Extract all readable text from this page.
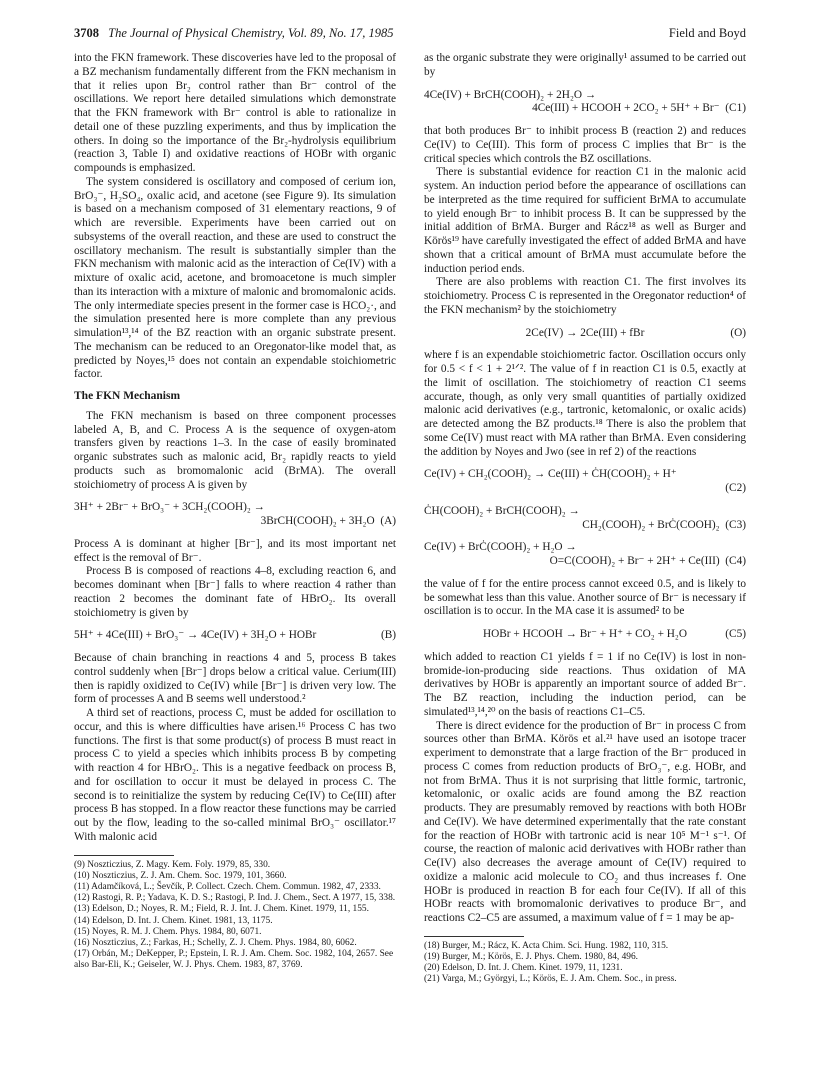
3708 The Journal of Physical Chemistry, Vol. 89, No. 17, 1985	Field and Boyd

into the FKN framework. These discoveries have led to the proposal of a BZ mechanism fundamentally different from the FKN mechanism in that it relies upon Br₂ control rather than Br⁻ control of the oscillations. We report here detailed simulations which demonstrate that the FKN framework with Br⁻ control is able to rationalize in detail one of these puzzling experiments, and thus by implication the others. In doing so the importance of the Br₂-hydrolysis equilibrium (reaction 3, Table I) and oxidative reactions of HOBr with organic compounds is emphasized.

The system considered is oscillatory and composed of cerium ion, BrO₃⁻, H₂SO₄, oxalic acid, and acetone (see Figure 9). Its simulation is based on a mechanism composed of 31 elementary reactions, 9 of which are reversible. Experiments have been carried out on subsystems of the overall reaction, and these are used to construct the oscillatory mechanism. The result is substantially simpler than the FKN mechanism with malonic acid as the interaction of Ce(IV) with a mixture of oxalic acid, acetone, and bromoacetone is much simpler than its interaction with a mixture of malonic and bromomalonic acids. The only intermediate species present in the former case is HCO₂·, and the simulation presented here is more complete than any previous simulation¹³,¹⁴ of the BZ reaction with an organic substrate present. The mechanism can be reduced to an Oregonator-like model that, as predicted by Noyes,¹⁵ does not contain an expendable stoichiometric factor.

The FKN Mechanism

The FKN mechanism is based on three component processes labeled A, B, and C. Process A is the sequence of oxygen-atom transfers given by reactions 1–3. In the case of easily brominated organic substrates such as malonic acid, Br₂ rapidly reacts to yield products such as bromomalonic acid (BrMA). The overall stoichiometry of process A is given by

3H⁺ + 2Br⁻ + BrO₃⁻ + 3CH₂(COOH)₂ →
3BrCH(COOH)₂ + 3H₂O (A)

Process A is dominant at higher [Br⁻], and its most important net effect is the removal of Br⁻.

Process B is composed of reactions 4–8, excluding reaction 6, and becomes dominant when [Br⁻] falls to where reaction 4 rather than reaction 2 becomes the dominant fate of HBrO₂. Its overall stoichiometry is given by

5H⁺ + 4Ce(III) + BrO₃⁻ → 4Ce(IV) + 3H₂O + HOBr	(B)

Because of chain branching in reactions 4 and 5, process B takes control suddenly when [Br⁻] drops below a critical value. Cerium(III) then is rapidly oxidized to Ce(IV) while [Br⁻] is driven very low. The form of processes A and B seems well understood.²

A third set of reactions, process C, must be added for oscillation to occur, and this is where difficulties have arisen.¹⁶ Process C has two functions. The first is that some product(s) of process B must react in process C to yield a species which inhibits process B by competing with reaction 4 for HBrO₂. This is a negative feedback on process B, and for oscillation to occur it must be delayed in process C. The second is to reinitialize the system by reducing Ce(IV) to Ce(III) after process B has stopped. In a flow reactor these functions may be carried out by the flow, leading to the so-called minimal BrO₃⁻ oscillator.¹⁷ With malonic acid

(9) Noszticzius, Z. Magy. Kem. Foly. 1979, 85, 330.
(10) Noszticzius, Z. J. Am. Chem. Soc. 1979, 101, 3660.
(11) Adamčíková, L.; Ševčík, P. Collect. Czech. Chem. Commun. 1982, 47, 2333.
(12) Rastogi, R. P.; Yadava, K. D. S.; Rastogi, P. Ind. J. Chem., Sect. A 1977, 15, 338.
(13) Edelson, D.; Noyes, R. M.; Field, R. J. Int. J. Chem. Kinet. 1979, 11, 155.
(14) Edelson, D. Int. J. Chem. Kinet. 1981, 13, 1175.
(15) Noyes, R. M. J. Chem. Phys. 1984, 80, 6071.
(16) Noszticzius, Z.; Farkas, H.; Schelly, Z. J. Chem. Phys. 1984, 80, 6062.
(17) Orbán, M.; DeKepper, P.; Epstein, I. R. J. Am. Chem. Soc. 1982, 104, 2657. See also Bar-Eli, K.; Geiseler, W. J. Phys. Chem. 1983, 87, 3769.

as the organic substrate they were originally¹ assumed to be carried out by

4Ce(IV) + BrCH(COOH)₂ + 2H₂O →
4Ce(III) + HCOOH + 2CO₂ + 5H⁺ + Br⁻ (C1)

that both produces Br⁻ to inhibit process B (reaction 2) and reduces Ce(IV) to Ce(III). This form of process C implies that Br⁻ is the critical species which controls the BZ oscillations.

There is substantial evidence for reaction C1 in the malonic acid system. An induction period before the appearance of oscillations can be interpreted as the time required for sufficient BrMA to accumulate to yield enough Br⁻ to inhibit process B. It can be suppressed by the initial addition of BrMA. Burger and Rácz¹⁸ as well as Burger and Körös¹⁹ have carefully investigated the effect of added BrMA and have shown that a critical amount of BrMA must accumulate before the induction period ends.

There are also problems with reaction C1. The first involves its stoichiometry. Process C is represented in the Oregonator reduction⁴ of the FKN mechanism² by the stoichiometry

2Ce(IV) → 2Ce(III) + fBr	(O)

where f is an expendable stoichiometric factor. Oscillation occurs only for 0.5 < f < 1 + 2¹ᐟ². The value of f in reaction C1 is 0.5, exactly at the limit of oscillation. The stoichiometry of reaction C1 seems accurate, though, as only very small quantities of partially oxidized malonic acid derivatives (e.g., tartronic, ketomalonic, or oxalic acids) are detected among the BZ products.¹⁸ There is also the problem that some Ce(IV) must react with MA rather than BrMA. Even considering the addition by Noyes and Jwo (see in ref 2) of the reactions

Ce(IV) + CH₂(COOH)₂ → Ce(III) + ĊH(COOH)₂ + H⁺
(C2)
ĊH(COOH)₂ + BrCH(COOH)₂ →
CH₂(COOH)₂ + BrĊ(COOH)₂ (C3)
Ce(IV) + BrĊ(COOH)₂ + H₂O →
O=C(COOH)₂ + Br⁻ + 2H⁺ + Ce(III) (C4)

the value of f for the entire process cannot exceed 0.5, and is likely to be somewhat less than this value. Another source of Br⁻ is necessary if oscillation is to occur. In the MA case it is assumed² to be

HOBr + HCOOH → Br⁻ + H⁺ + CO₂ + H₂O	(C5)

which added to reaction C1 yields f = 1 if no Ce(IV) is lost in non-bromide-ion-producing side reactions. Thus oxidation of MA derivatives by HOBr is apparently an important source of added Br⁻. The BZ reaction, including the induction period, can be simulated¹³,¹⁴,²⁰ on the basis of reactions C1–C5.

There is direct evidence for the production of Br⁻ in process C from sources other than BrMA. Körös et al.²¹ have used an isotope tracer experiment to demonstrate that a large fraction of the Br⁻ produced in process C comes from reduction products of BrO₃⁻, e.g. HOBr, and not from BrMA. Thus it is not surprising that little formic, tartronic, ketomalonic, or oxalic acids are found among the BZ reaction products. They are presumably removed by reactions with both HOBr and Ce(IV). We have determined experimentally that the rate constant for the reaction of HOBr with tartronic acid is near 10⁵ M⁻¹ s⁻¹. Of course, the reaction of malonic acid derivatives with HOBr rather than Ce(IV) also decreases the average amount of Ce(IV) required to oxidize a malonic acid molecule to CO₂ and thus increases f. One HOBr is produced in reaction B for each four Ce(IV). If all of this HOBr reacts with bromomalonic derivatives to produce Br⁻, and reactions C2–C5 are assumed, a maximum value of f = 1 may be ap-

(18) Burger, M.; Rácz, K. Acta Chim. Sci. Hung. 1982, 110, 315.
(19) Burger, M.; Körös, E. J. Phys. Chem. 1980, 84, 496.
(20) Edelson, D. Int. J. Chem. Kinet. 1979, 11, 1231.
(21) Varga, M.; Györgyi, L.; Körös, E. J. Am. Chem. Soc., in press.
